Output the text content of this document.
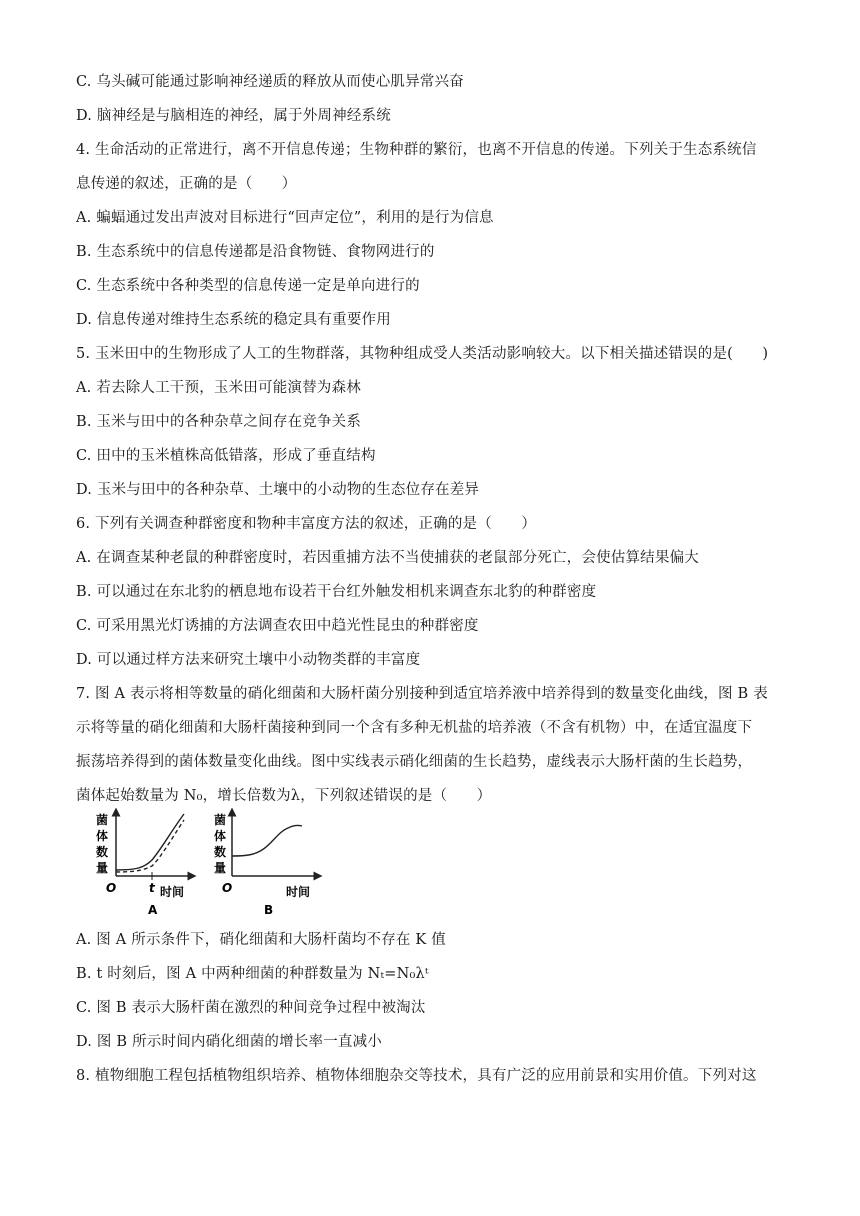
C. 乌头碱可能通过影响神经递质的释放从而使心肌异常兴奋
D. 脑神经是与脑相连的神经，属于外周神经系统
4. 生命活动的正常进行，离不开信息传递；生物种群的繁衍，也离不开信息的传递。下列关于生态系统信
息传递的叙述，正确的是（　　）
A. 蝙蝠通过发出声波对目标进行“回声定位”，利用的是行为信息
B. 生态系统中的信息传递都是沿食物链、食物网进行的
C. 生态系统中各种类型的信息传递一定是单向进行的
D. 信息传递对维持生态系统的稳定具有重要作用
5. 玉米田中的生物形成了人工的生物群落，其物种组成受人类活动影响较大。以下相关描述错误的是(　　)
A. 若去除人工干预，玉米田可能演替为森林
B. 玉米与田中的各种杂草之间存在竞争关系
C. 田中的玉米植株高低错落，形成了垂直结构
D. 玉米与田中的各种杂草、土壤中的小动物的生态位存在差异
6. 下列有关调查种群密度和物种丰富度方法的叙述，正确的是（　　）
A. 在调查某种老鼠的种群密度时，若因重捕方法不当使捕获的老鼠部分死亡，会使估算结果偏大
B. 可以通过在东北豹的栖息地布设若干台红外触发相机来调查东北豹的种群密度
C. 可采用黑光灯诱捕的方法调查农田中趋光性昆虫的种群密度
D. 可以通过样方法来研究土壤中小动物类群的丰富度
7. 图 A 表示将相等数量的硝化细菌和大肠杆菌分别接种到适宜培养液中培养得到的数量变化曲线，图 B 表
示将等量的硝化细菌和大肠杆菌接种到同一个含有多种无机盐的培养液（不含有机物）中，在适宜温度下
振荡培养得到的菌体数量变化曲线。图中实线表示硝化细菌的生长趋势，虚线表示大肠杆菌的生长趋势，
菌体起始数量为 N₀，增长倍数为λ，下列叙述错误的是（　　）
菌
体
数
量
O	t 时间
A
菌
体
数
量
O	时间
B
A. 图 A 所示条件下，硝化细菌和大肠杆菌均不存在 K 值
B. t 时刻后，图 A 中两种细菌的种群数量为 Nₜ=N₀λᵗ
C. 图 B 表示大肠杆菌在激烈的种间竞争过程中被淘汰
D. 图 B 所示时间内硝化细菌的增长率一直减小
8. 植物细胞工程包括植物组织培养、植物体细胞杂交等技术，具有广泛的应用前景和实用价值。下列对这
